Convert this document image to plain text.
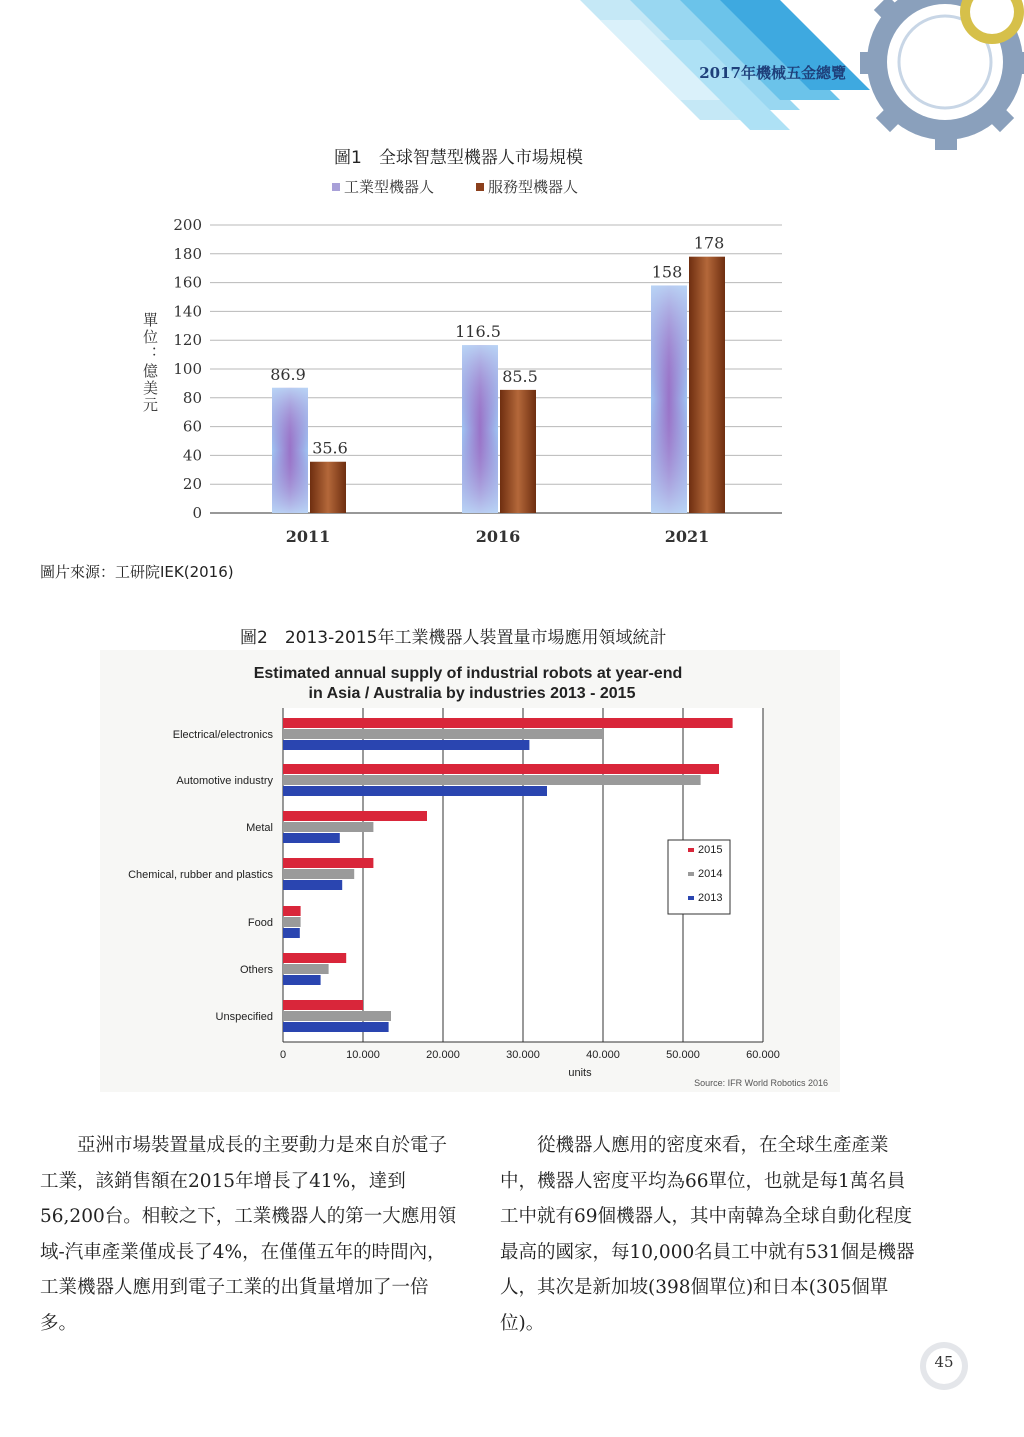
2017年機械五金總覽
圖1　全球智慧型機器人市場規模
工業型機器人	服務型機器人
單位：億美元
0
20
40
60
80
100
120
140
160
180
200
2011
86.9
35.6
2016
116.5
85.5
2021
158
178
圖片來源：工研院IEK(2016)
圖2　2013-2015年工業機器人裝置量市場應用領域統計
Estimated annual supply of industrial robots at year-end
in Asia / Australia by industries 2013 - 2015
Electrical/electronics
Automotive industry
Metal
Chemical, rubber and plastics
Food
Others
Unspecified
0	10.000	20.000	30.000	40.000	50.000	60.000
units
Source: IFR World Robotics 2016
2015
2014
2013

亞洲市場裝置量成長的主要動力是來自於電子工業，該銷售額在2015年增長了41%，達到56,200台。相較之下，工業機器人的第一大應用領域-汽車產業僅成長了4%，在僅僅五年的時間內，工業機器人應用到電子工業的出貨量增加了一倍多。

從機器人應用的密度來看，在全球生產產業中，機器人密度平均為66單位，也就是每1萬名員工中就有69個機器人，其中南韓為全球自動化程度最高的國家，每10,000名員工中就有531個是機器人，其次是新加坡(398個單位)和日本(305個單位)。

45
